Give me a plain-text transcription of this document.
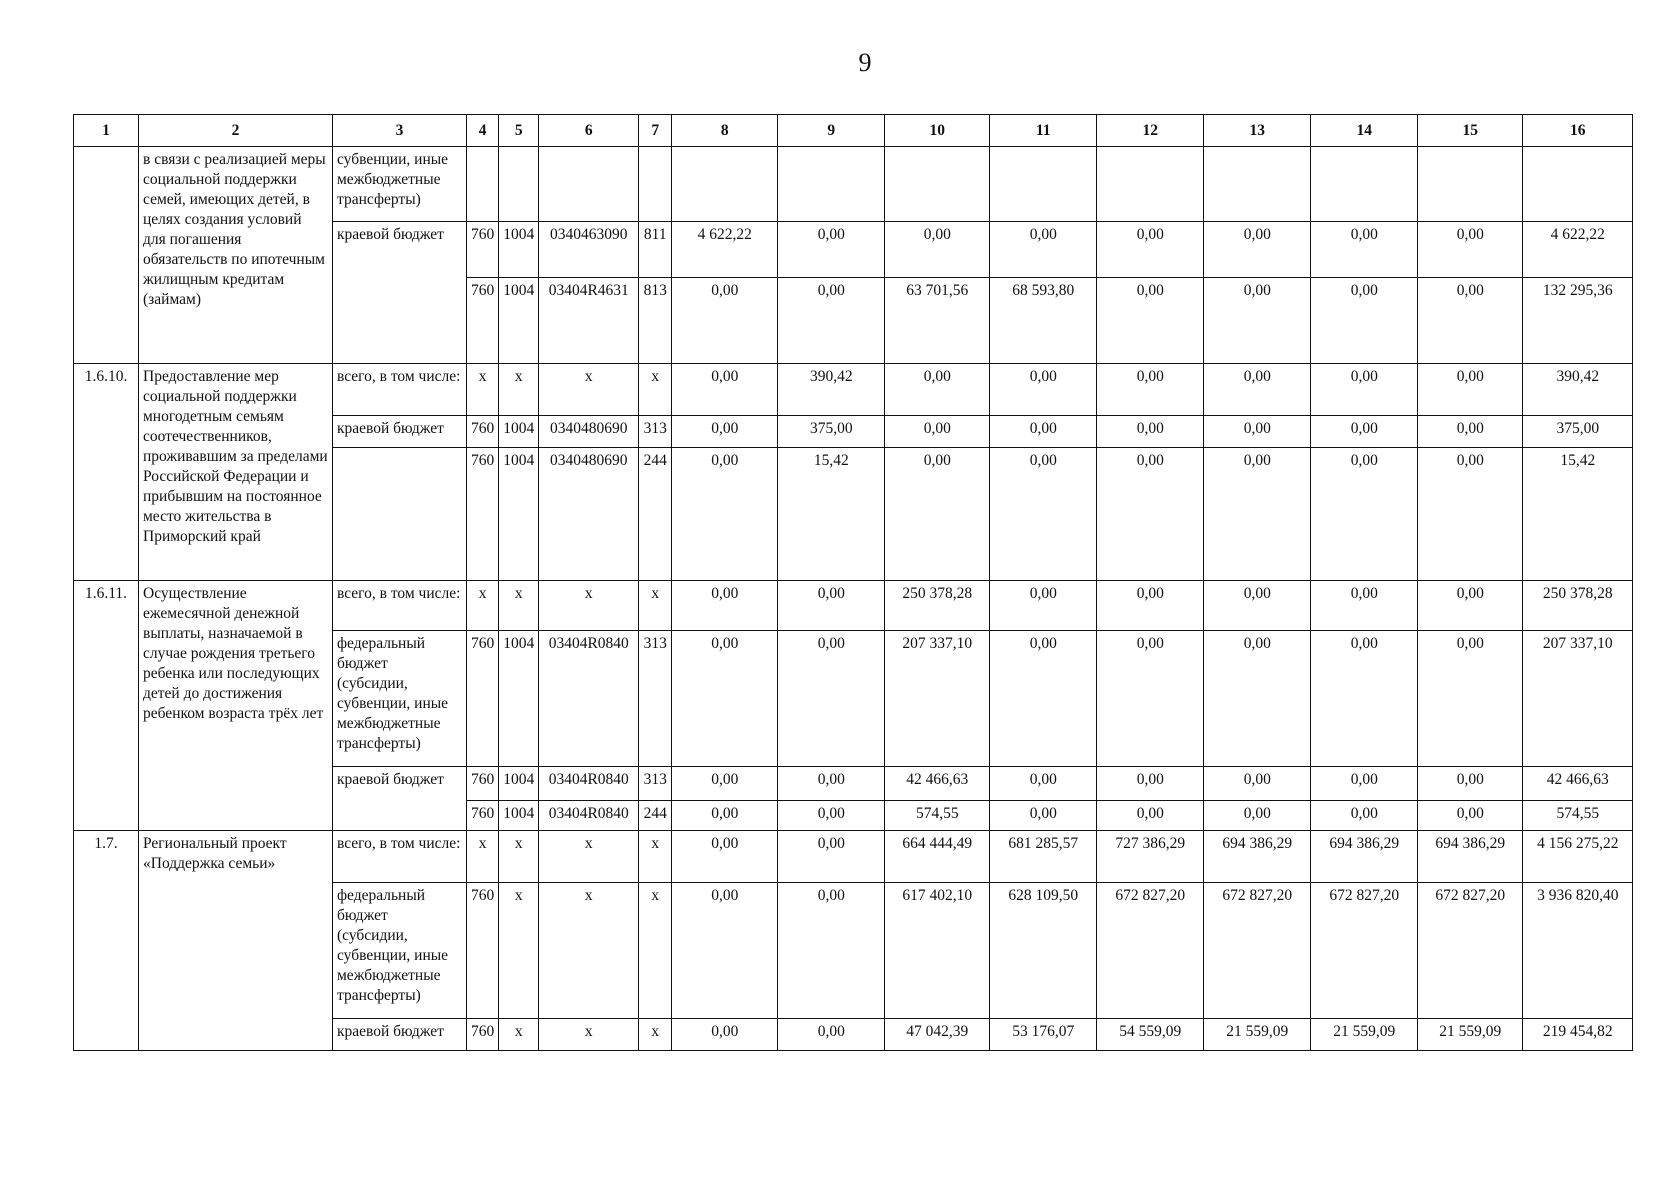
9
1	2	3	4	5	6	7	8	9	10	11	12	13	14	15	16
	в связи с реализацией меры социальной поддержки семей, имеющих детей, в целях создания условий для погашения обязательств по ипотечным жилищным кредитам (займам)	субвенции, иные межбюджетные трансферты)													
		краевой бюджет	760	1004	0340463090	811	4 622,22	0,00	0,00	0,00	0,00	0,00	0,00	0,00	4 622,22
			760	1004	03404R4631	813	0,00	0,00	63 701,56	68 593,80	0,00	0,00	0,00	0,00	132 295,36
1.6.10.	Предоставление мер социальной поддержки многодетным семьям соотечественников, проживавшим за пределами Российской Федерации и прибывшим на постоянное место жительства в Приморский край	всего, в том числе:	х	х	х	х	0,00	390,42	0,00	0,00	0,00	0,00	0,00	0,00	390,42
		краевой бюджет	760	1004	0340480690	313	0,00	375,00	0,00	0,00	0,00	0,00	0,00	0,00	375,00
			760	1004	0340480690	244	0,00	15,42	0,00	0,00	0,00	0,00	0,00	0,00	15,42
1.6.11.	Осуществление ежемесячной денежной выплаты, назначаемой в случае рождения третьего ребенка или последующих детей до достижения ребенком возраста трёх лет	всего, в том числе:	х	х	х	х	0,00	0,00	250 378,28	0,00	0,00	0,00	0,00	0,00	250 378,28
		федеральный бюджет (субсидии, субвенции, иные межбюджетные трансферты)	760	1004	03404R0840	313	0,00	0,00	207 337,10	0,00	0,00	0,00	0,00	0,00	207 337,10
		краевой бюджет	760	1004	03404R0840	313	0,00	0,00	42 466,63	0,00	0,00	0,00	0,00	0,00	42 466,63
			760	1004	03404R0840	244	0,00	0,00	574,55	0,00	0,00	0,00	0,00	0,00	574,55
1.7.	Региональный проект «Поддержка семьи»	всего, в том числе:	х	х	х	х	0,00	0,00	664 444,49	681 285,57	727 386,29	694 386,29	694 386,29	694 386,29	4 156 275,22
		федеральный бюджет (субсидии, субвенции, иные межбюджетные трансферты)	760	х	х	х	0,00	0,00	617 402,10	628 109,50	672 827,20	672 827,20	672 827,20	672 827,20	3 936 820,40
		краевой бюджет	760	х	х	х	0,00	0,00	47 042,39	53 176,07	54 559,09	21 559,09	21 559,09	21 559,09	219 454,82
